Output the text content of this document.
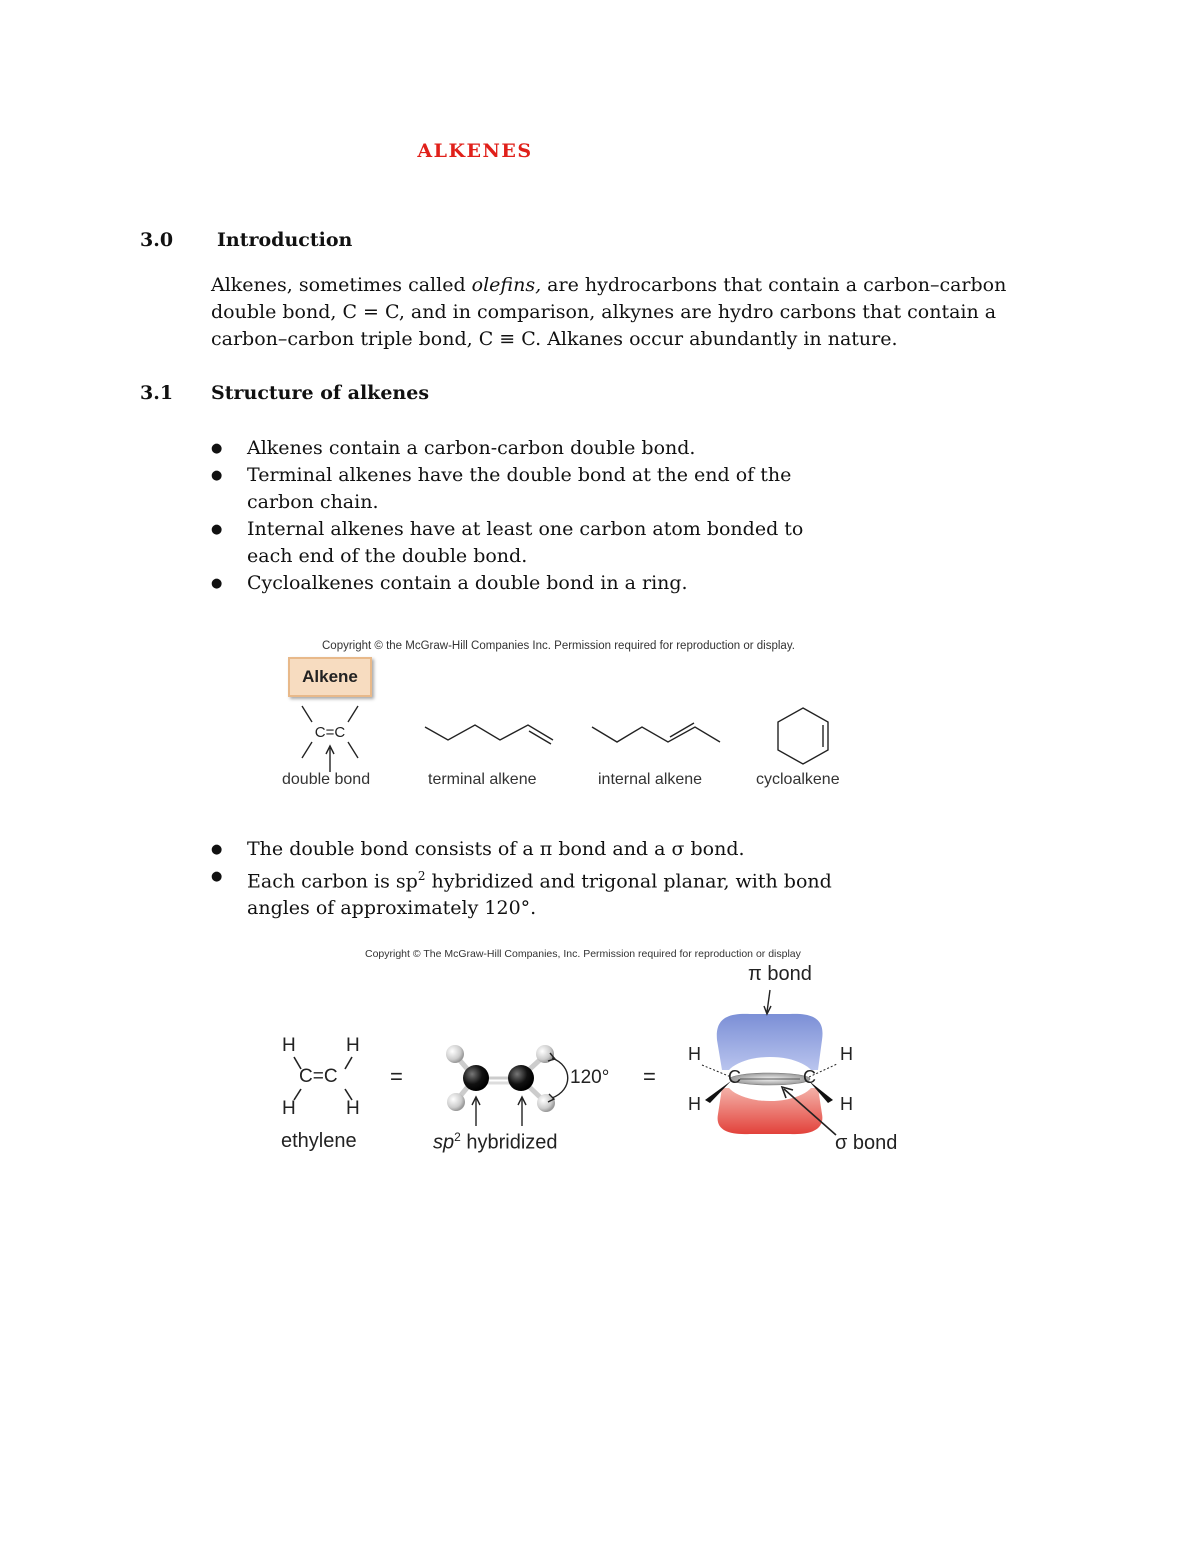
ALKENES
3.0 Introduction
Alkenes, sometimes called olefins, are hydrocarbons that contain a carbon–carbon double bond, C = C, and in comparison, alkynes are hydro carbons that contain a carbon–carbon triple bond, C ≡ C. Alkanes occur abundantly in nature.
3.1 Structure of alkenes
● Alkenes contain a carbon-carbon double bond.
● Terminal alkenes have the double bond at the end of the carbon chain.
● Internal alkenes have at least one carbon atom bonded to each end of the double bond.
● Cycloalkenes contain a double bond in a ring.
Copyright © the McGraw-Hill Companies Inc. Permission required for reproduction or display.
Alkene
C=C
double bond	terminal alkene	internal alkene	cycloalkene
● The double bond consists of a π bond and a σ bond.
● Each carbon is $sp^2$ hybridized and trigonal planar, with bond angles of approximately 120°.
Copyright © The McGraw-Hill Companies, Inc. Permission required for reproduction or display
H	H
C=C
H	H
=	120° =
π bond
H	H
H	H
C	C
σ bond
ethylene	$sp^2$ hybridized
